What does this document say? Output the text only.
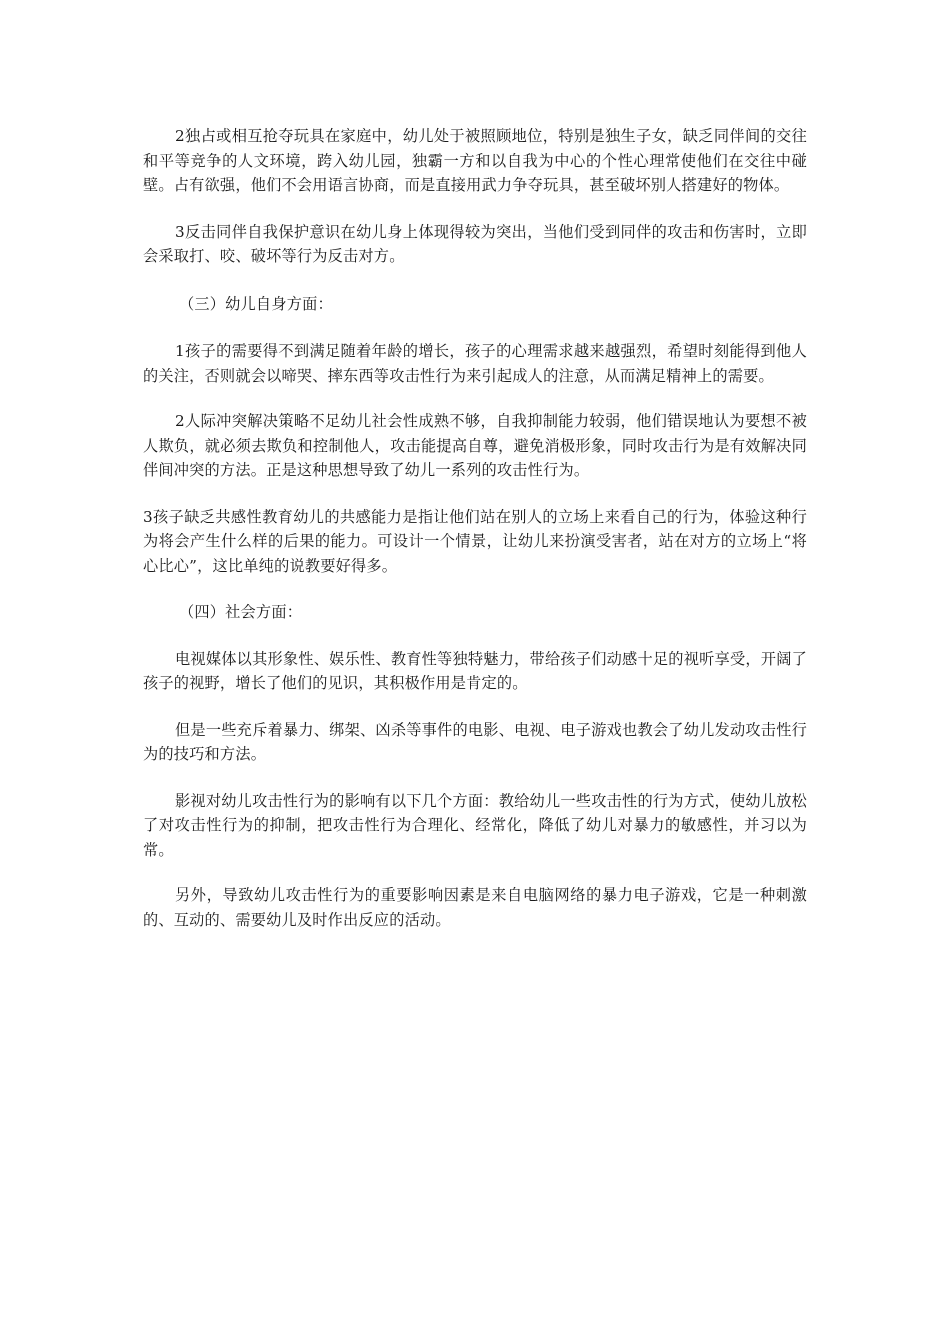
2独占或相互抢夺玩具在家庭中，幼儿处于被照顾地位，特别是独生子女，缺乏同伴间的交往和平等竞争的人文环境，跨入幼儿园，独霸一方和以自我为中心的个性心理常使他们在交往中碰壁。占有欲强，他们不会用语言协商，而是直接用武力争夺玩具，甚至破坏别人搭建好的物体。

3反击同伴自我保护意识在幼儿身上体现得较为突出，当他们受到同伴的攻击和伤害时，立即会采取打、咬、破坏等行为反击对方。

（三）幼儿自身方面：

1孩子的需要得不到满足随着年龄的增长，孩子的心理需求越来越强烈，希望时刻能得到他人的关注，否则就会以啼哭、摔东西等攻击性行为来引起成人的注意，从而满足精神上的需要。

2人际冲突解决策略不足幼儿社会性成熟不够，自我抑制能力较弱，他们错误地认为要想不被人欺负，就必须去欺负和控制他人，攻击能提高自尊，避免消极形象，同时攻击行为是有效解决同伴间冲突的方法。正是这种思想导致了幼儿一系列的攻击性行为。

3孩子缺乏共感性教育幼儿的共感能力是指让他们站在别人的立场上来看自己的行为，体验这种行为将会产生什么样的后果的能力。可设计一个情景，让幼儿来扮演受害者，站在对方的立场上“将心比心”，这比单纯的说教要好得多。

（四）社会方面：

电视媒体以其形象性、娱乐性、教育性等独特魅力，带给孩子们动感十足的视听享受，开阔了孩子的视野，增长了他们的见识，其积极作用是肯定的。

但是一些充斥着暴力、绑架、凶杀等事件的电影、电视、电子游戏也教会了幼儿发动攻击性行为的技巧和方法。

影视对幼儿攻击性行为的影响有以下几个方面：教给幼儿一些攻击性的行为方式，使幼儿放松了对攻击性行为的抑制，把攻击性行为合理化、经常化，降低了幼儿对暴力的敏感性，并习以为常。

另外，导致幼儿攻击性行为的重要影响因素是来自电脑网络的暴力电子游戏，它是一种刺激的、互动的、需要幼儿及时作出反应的活动。
